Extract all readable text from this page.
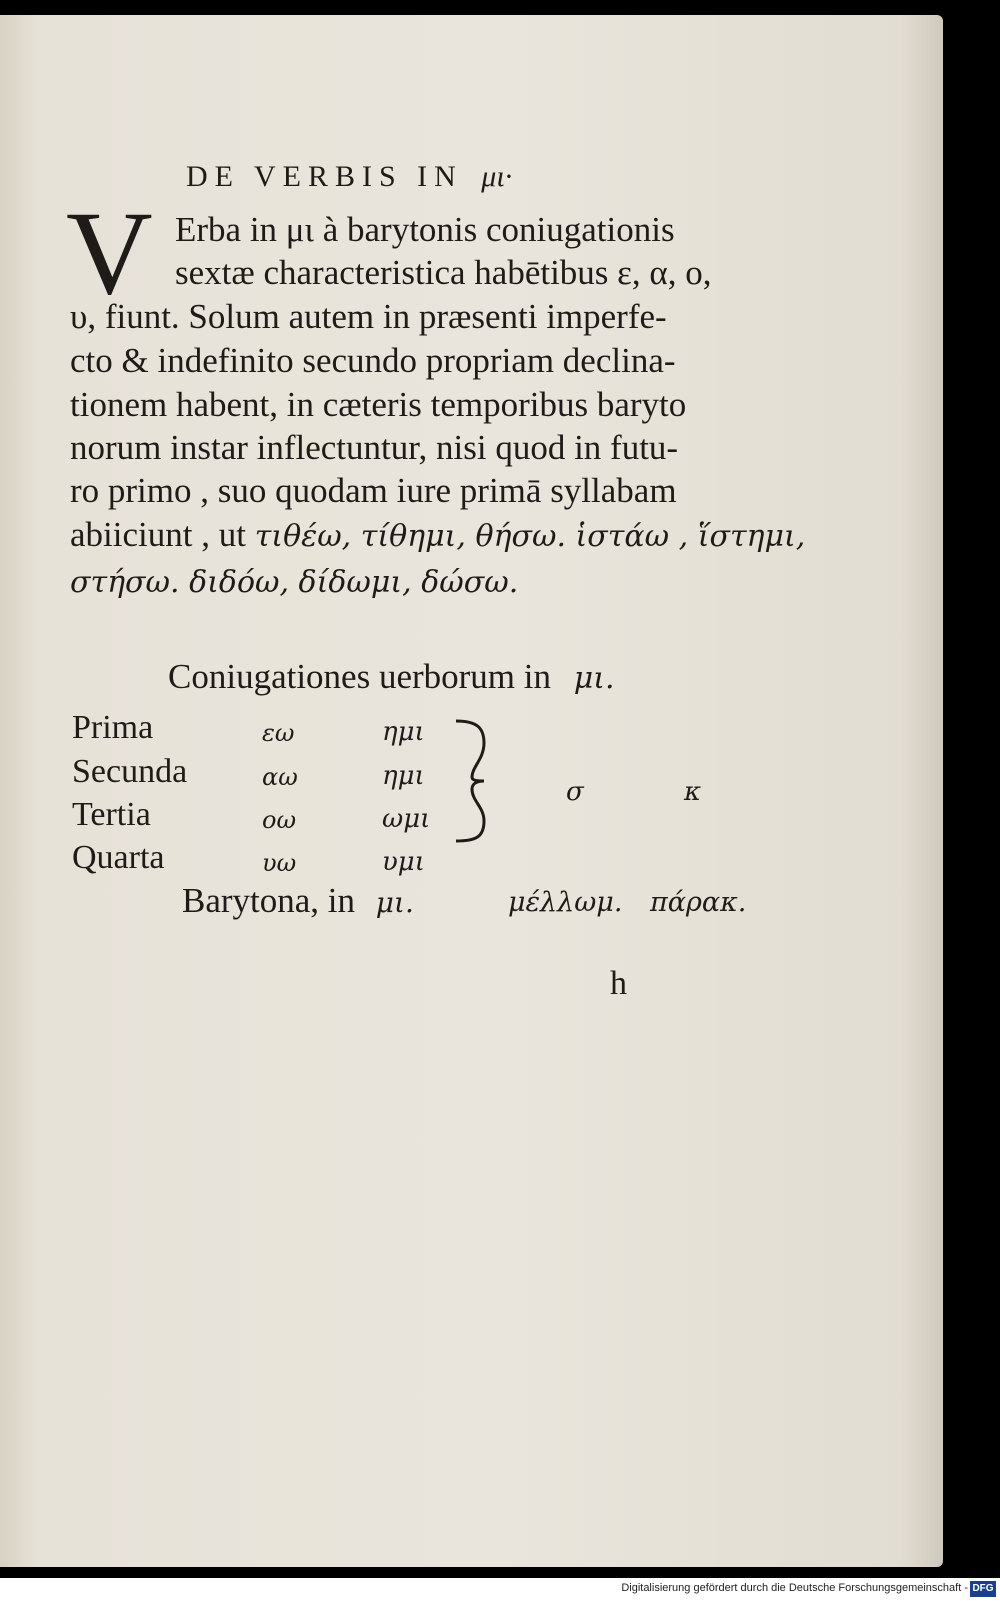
DE VERBIS IN μι·
V Erba in μι à barytonis coniugationis
sextæ characteristica habētibus ε, α, ο,
υ, fiunt. Solum autem in præsenti imperfe-
cto & indefinito secundo propriam declina-
tionem habent, in cæteris temporibus baryto
norum instar inflectuntur, nisi quod in futu-
ro primo , suo quodam iure primā syllabam
abiiciunt , ut τιθέω, τίθημι, θήσω. ἱστάω , ἵστημι,
στήσω. διδόω, δίδωμι, δώσω.
Coniugationes uerborum in μι.
Prima	εω	ημι
Secunda	αω	ημι
Tertia	οω	ωμι
Quarta	υω	υμι
σ	κ
Barytona, in μι.	μέλλωμ. πάρακ.
h
Digitalisierung gefördert durch die Deutsche Forschungsgemeinschaft - DFG
